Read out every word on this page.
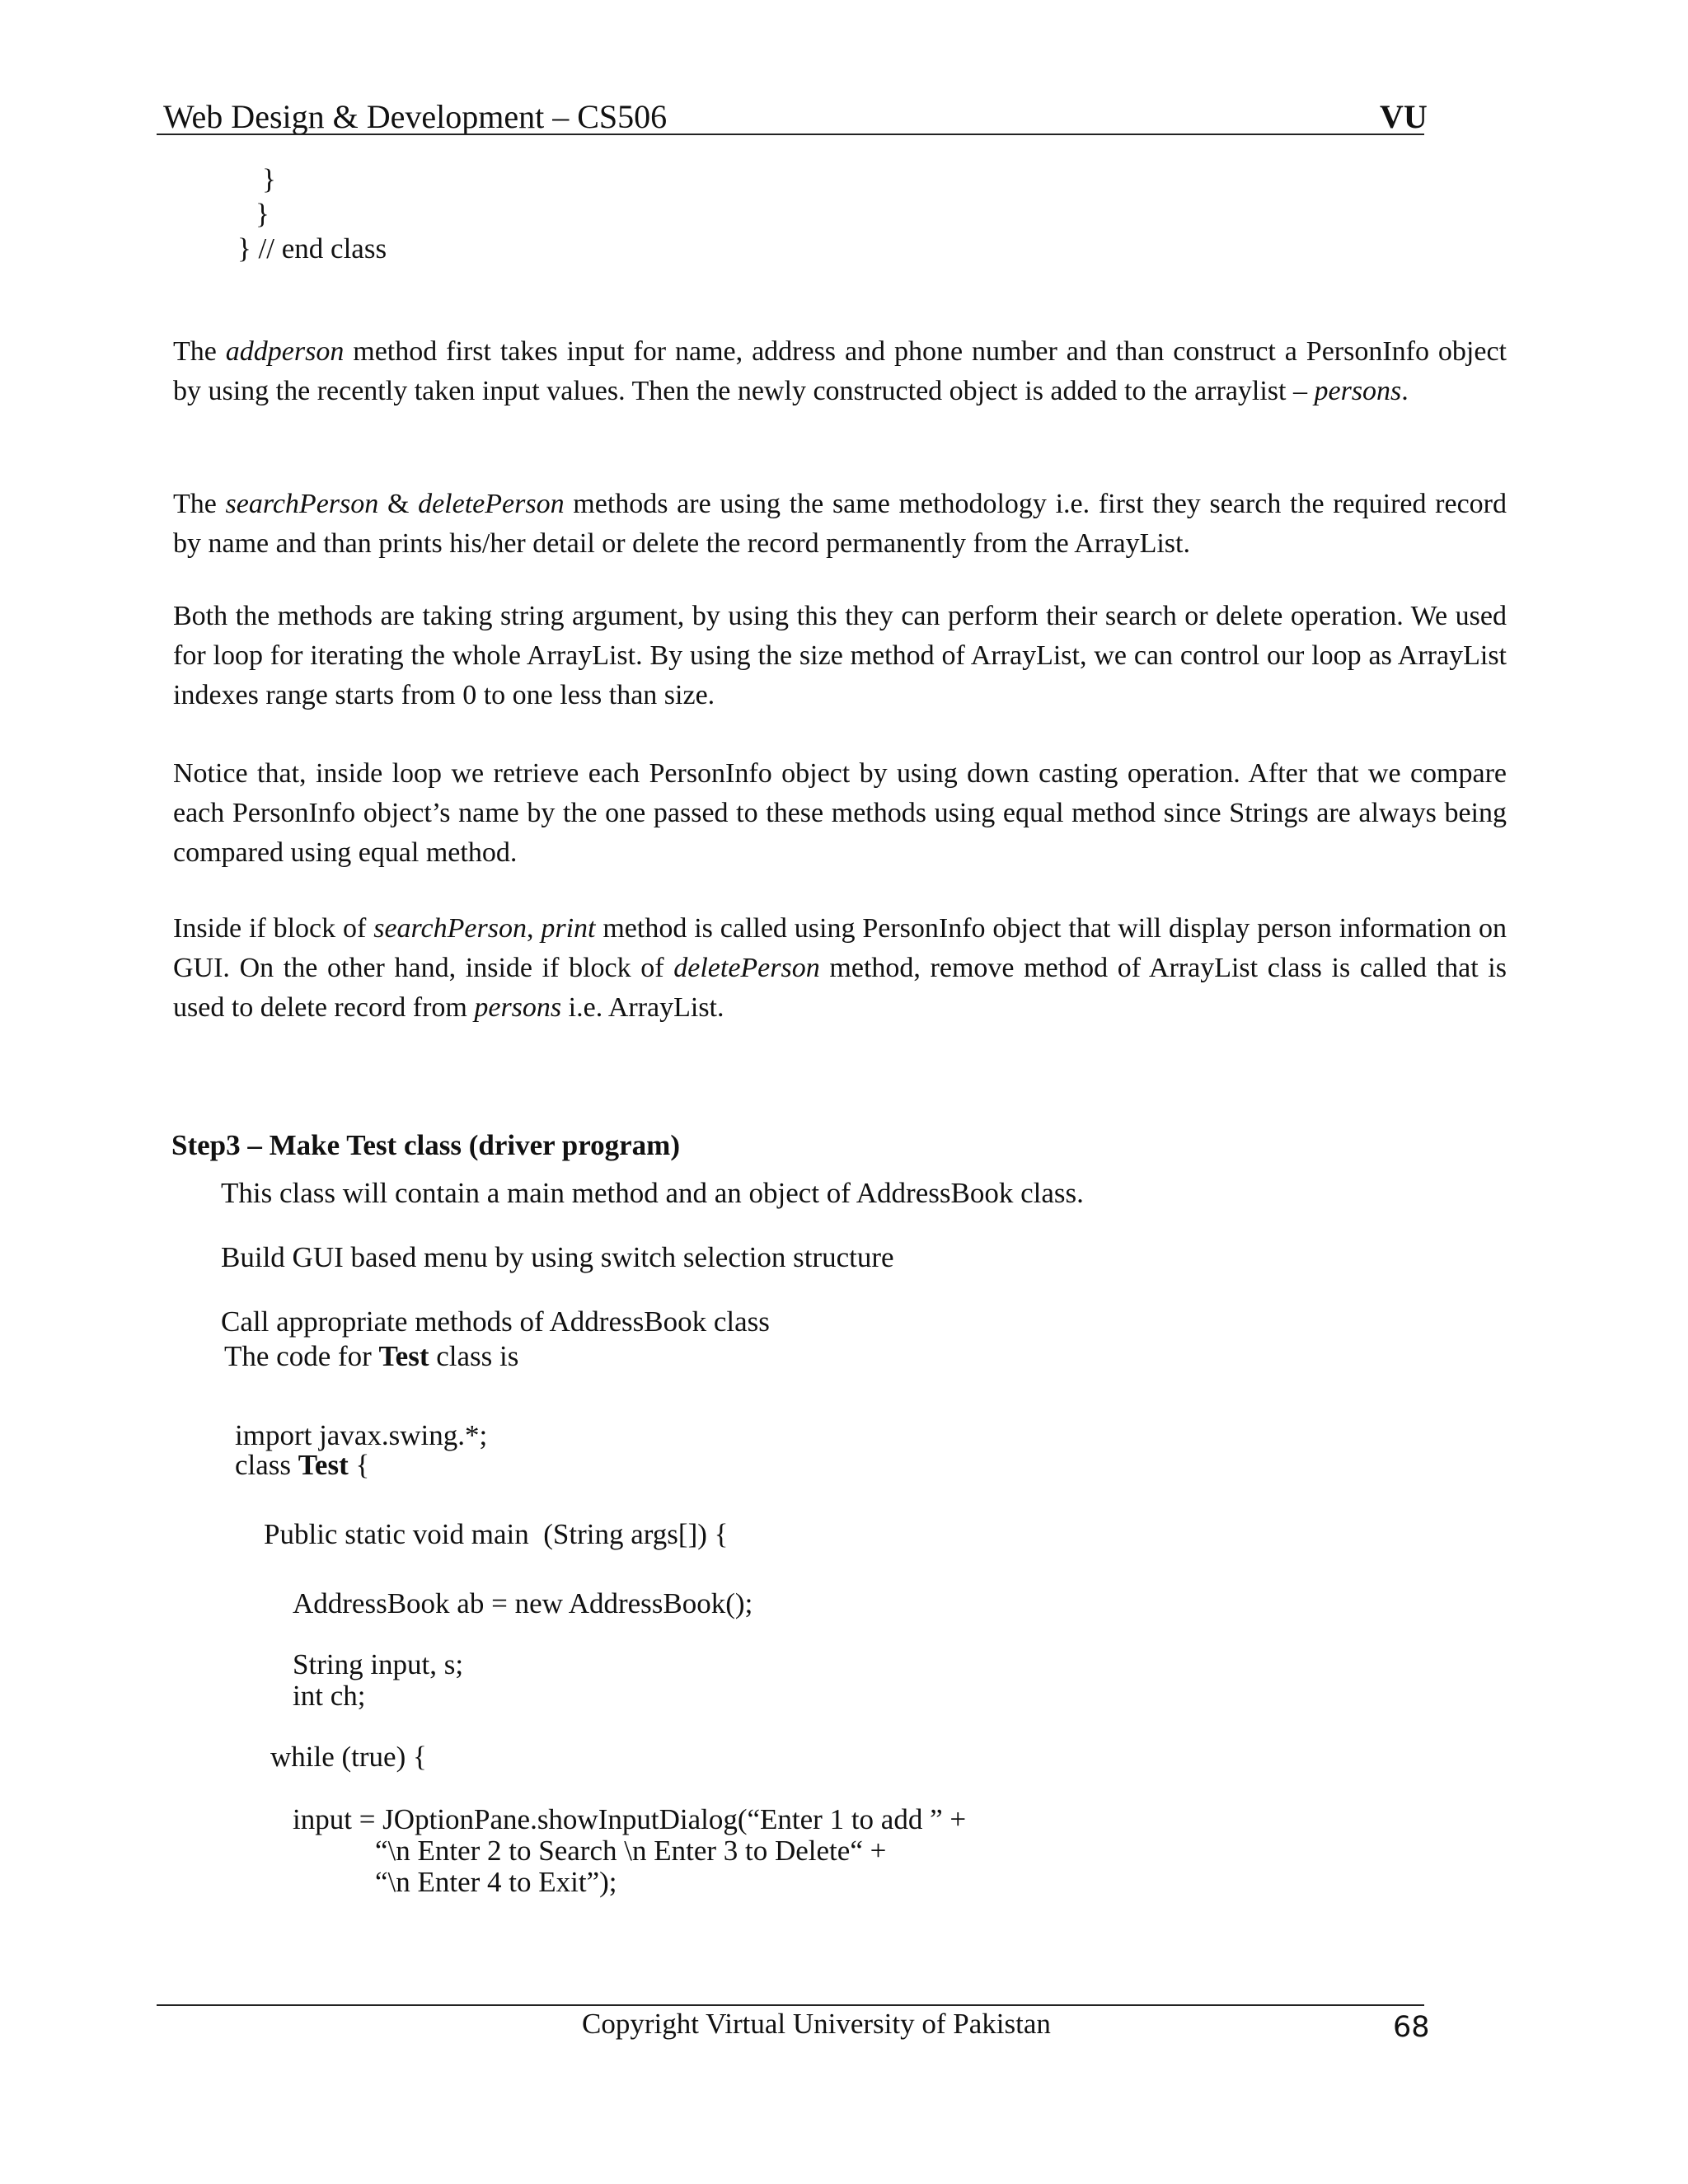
Web Design & Development – CS506	VU
}
}
} // end class

The addperson method first takes input for name, address and phone number and than construct a PersonInfo object by using the recently taken input values. Then the newly constructed object is added to the arraylist – persons.

The searchPerson & deletePerson methods are using the same methodology i.e. first they search the required record by name and than prints his/her detail or delete the record permanently from the ArrayList.

Both the methods are taking string argument, by using this they can perform their search or delete operation. We used for loop for iterating the whole ArrayList. By using the size method of ArrayList, we can control our loop as ArrayList indexes range starts from 0 to one less than size.

Notice that, inside loop we retrieve each PersonInfo object by using down casting operation. After that we compare each PersonInfo object’s name by the one passed to these methods using equal method since Strings are always being compared using equal method.

Inside if block of searchPerson, print method is called using PersonInfo object that will display person information on GUI. On the other hand, inside if block of deletePerson method, remove method of ArrayList class is called that is used to delete record from persons i.e. ArrayList.

Step3 – Make Test class (driver program)
This class will contain a main method and an object of AddressBook class.
Build GUI based menu by using switch selection structure
Call appropriate methods of AddressBook class
The code for Test class is
import javax.swing.*;
class Test {
Public static void main  (String args[]) {
AddressBook ab = new AddressBook();
String input, s;
int ch;
while (true) {
input = JOptionPane.showInputDialog(“Enter 1 to add ” +
“\n Enter 2 to Search \n Enter 3 to Delete“ +
“\n Enter 4 to Exit”);
Copyright Virtual University of Pakistan	68
